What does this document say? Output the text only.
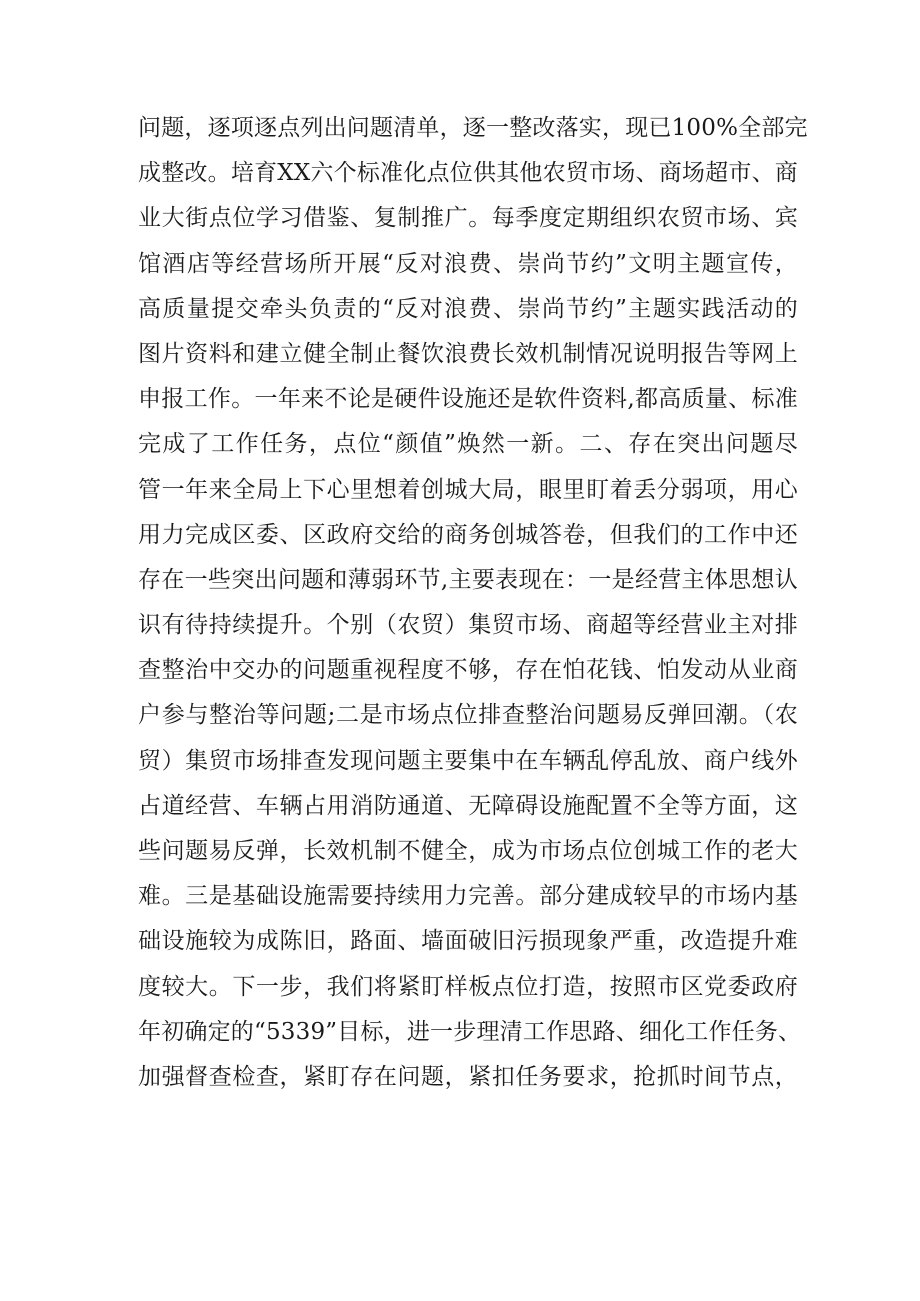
问题，逐项逐点列出问题清单，逐一整改落实，现已100%全部完
成整改。培育XX六个标准化点位供其他农贸市场、商场超市、商
业大街点位学习借鉴、复制推广。每季度定期组织农贸市场、宾
馆酒店等经营场所开展“反对浪费、崇尚节约”文明主题宣传，
高质量提交牵头负责的“反对浪费、崇尚节约”主题实践活动的
图片资料和建立健全制止餐饮浪费长效机制情况说明报告等网上
申报工作。一年来不论是硬件设施还是软件资料,都高质量、标准
完成了工作任务，点位“颜值”焕然一新。二、存在突出问题尽
管一年来全局上下心里想着创城大局，眼里盯着丢分弱项，用心
用力完成区委、区政府交给的商务创城答卷，但我们的工作中还
存在一些突出问题和薄弱环节,主要表现在：一是经营主体思想认
识有待持续提升。个别（农贸）集贸市场、商超等经营业主对排
查整治中交办的问题重视程度不够，存在怕花钱、怕发动从业商
户参与整治等问题;二是市场点位排查整治问题易反弹回潮。（农
贸）集贸市场排查发现问题主要集中在车辆乱停乱放、商户线外
占道经营、车辆占用消防通道、无障碍设施配置不全等方面，这
些问题易反弹，长效机制不健全，成为市场点位创城工作的老大
难。三是基础设施需要持续用力完善。部分建成较早的市场内基
础设施较为成陈旧，路面、墙面破旧污损现象严重，改造提升难
度较大。下一步，我们将紧盯样板点位打造，按照市区党委政府
年初确定的“5339”目标，进一步理清工作思路、细化工作任务、
加强督查检查，紧盯存在问题，紧扣任务要求，抢抓时间节点，
